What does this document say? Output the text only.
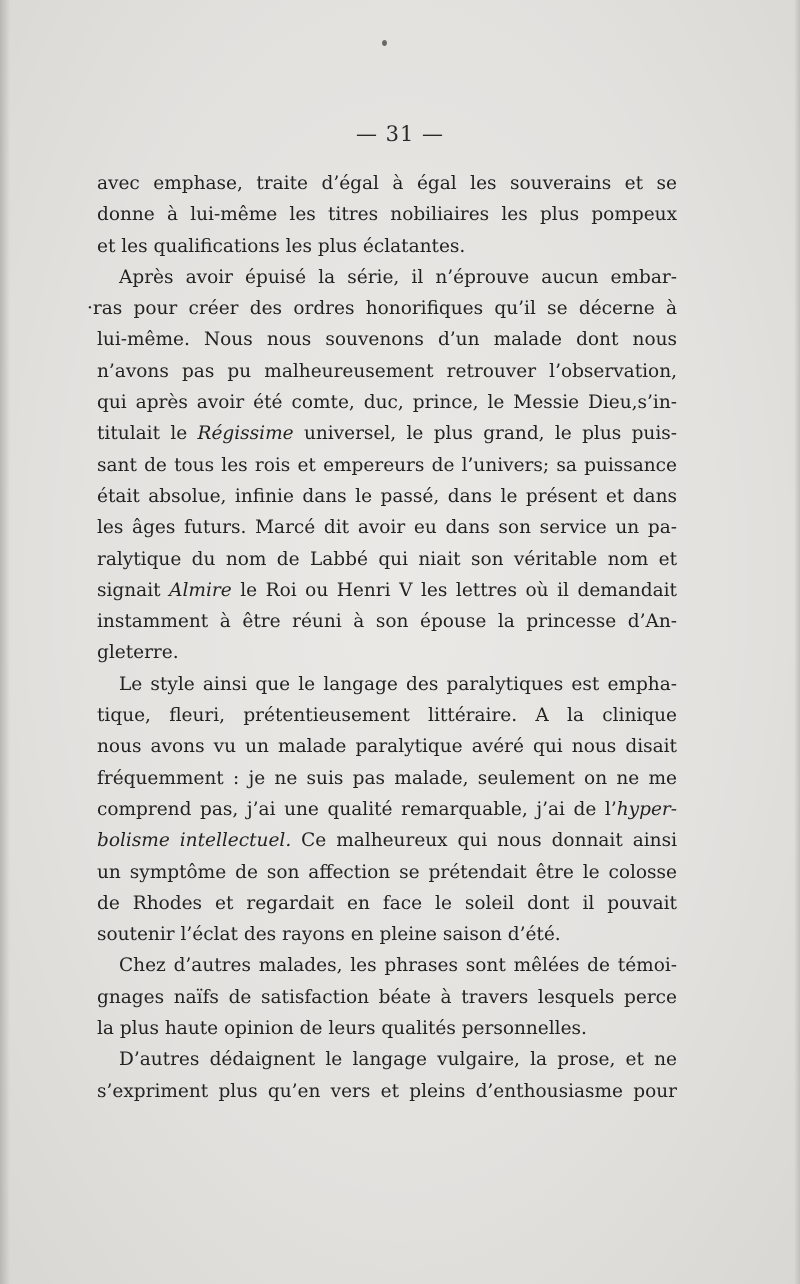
— 31 —
avec emphase, traite d’égal à égal les souverains et se
donne à lui-même les titres nobiliaires les plus pompeux
et les qualifications les plus éclatantes.
Après avoir épuisé la série, il n’éprouve aucun embar-
·ras pour créer des ordres honorifiques qu’il se décerne à
lui-même. Nous nous souvenons d’un malade dont nous
n’avons pas pu malheureusement retrouver l’observation,
qui après avoir été comte, duc, prince, le Messie Dieu,s’in-
titulait le Régissime universel, le plus grand, le plus puis-
sant de tous les rois et empereurs de l’univers; sa puissance
était absolue, infinie dans le passé, dans le présent et dans
les âges futurs. Marcé dit avoir eu dans son service un pa-
ralytique du nom de Labbé qui niait son véritable nom et
signait Almire le Roi ou Henri V les lettres où il demandait
instamment à être réuni à son épouse la princesse d’An-
gleterre.
Le style ainsi que le langage des paralytiques est empha-
tique, fleuri, prétentieusement littéraire. A la clinique
nous avons vu un malade paralytique avéré qui nous disait
fréquemment : je ne suis pas malade, seulement on ne me
comprend pas, j’ai une qualité remarquable, j’ai de l’hyper-
bolisme intellectuel. Ce malheureux qui nous donnait ainsi
un symptôme de son affection se prétendait être le colosse
de Rhodes et regardait en face le soleil dont il pouvait
soutenir l’éclat des rayons en pleine saison d’été.
Chez d’autres malades, les phrases sont mêlées de témoi-
gnages naïfs de satisfaction béate à travers lesquels perce
la plus haute opinion de leurs qualités personnelles.
D’autres dédaignent le langage vulgaire, la prose, et ne
s’expriment plus qu’en vers et pleins d’enthousiasme pour
